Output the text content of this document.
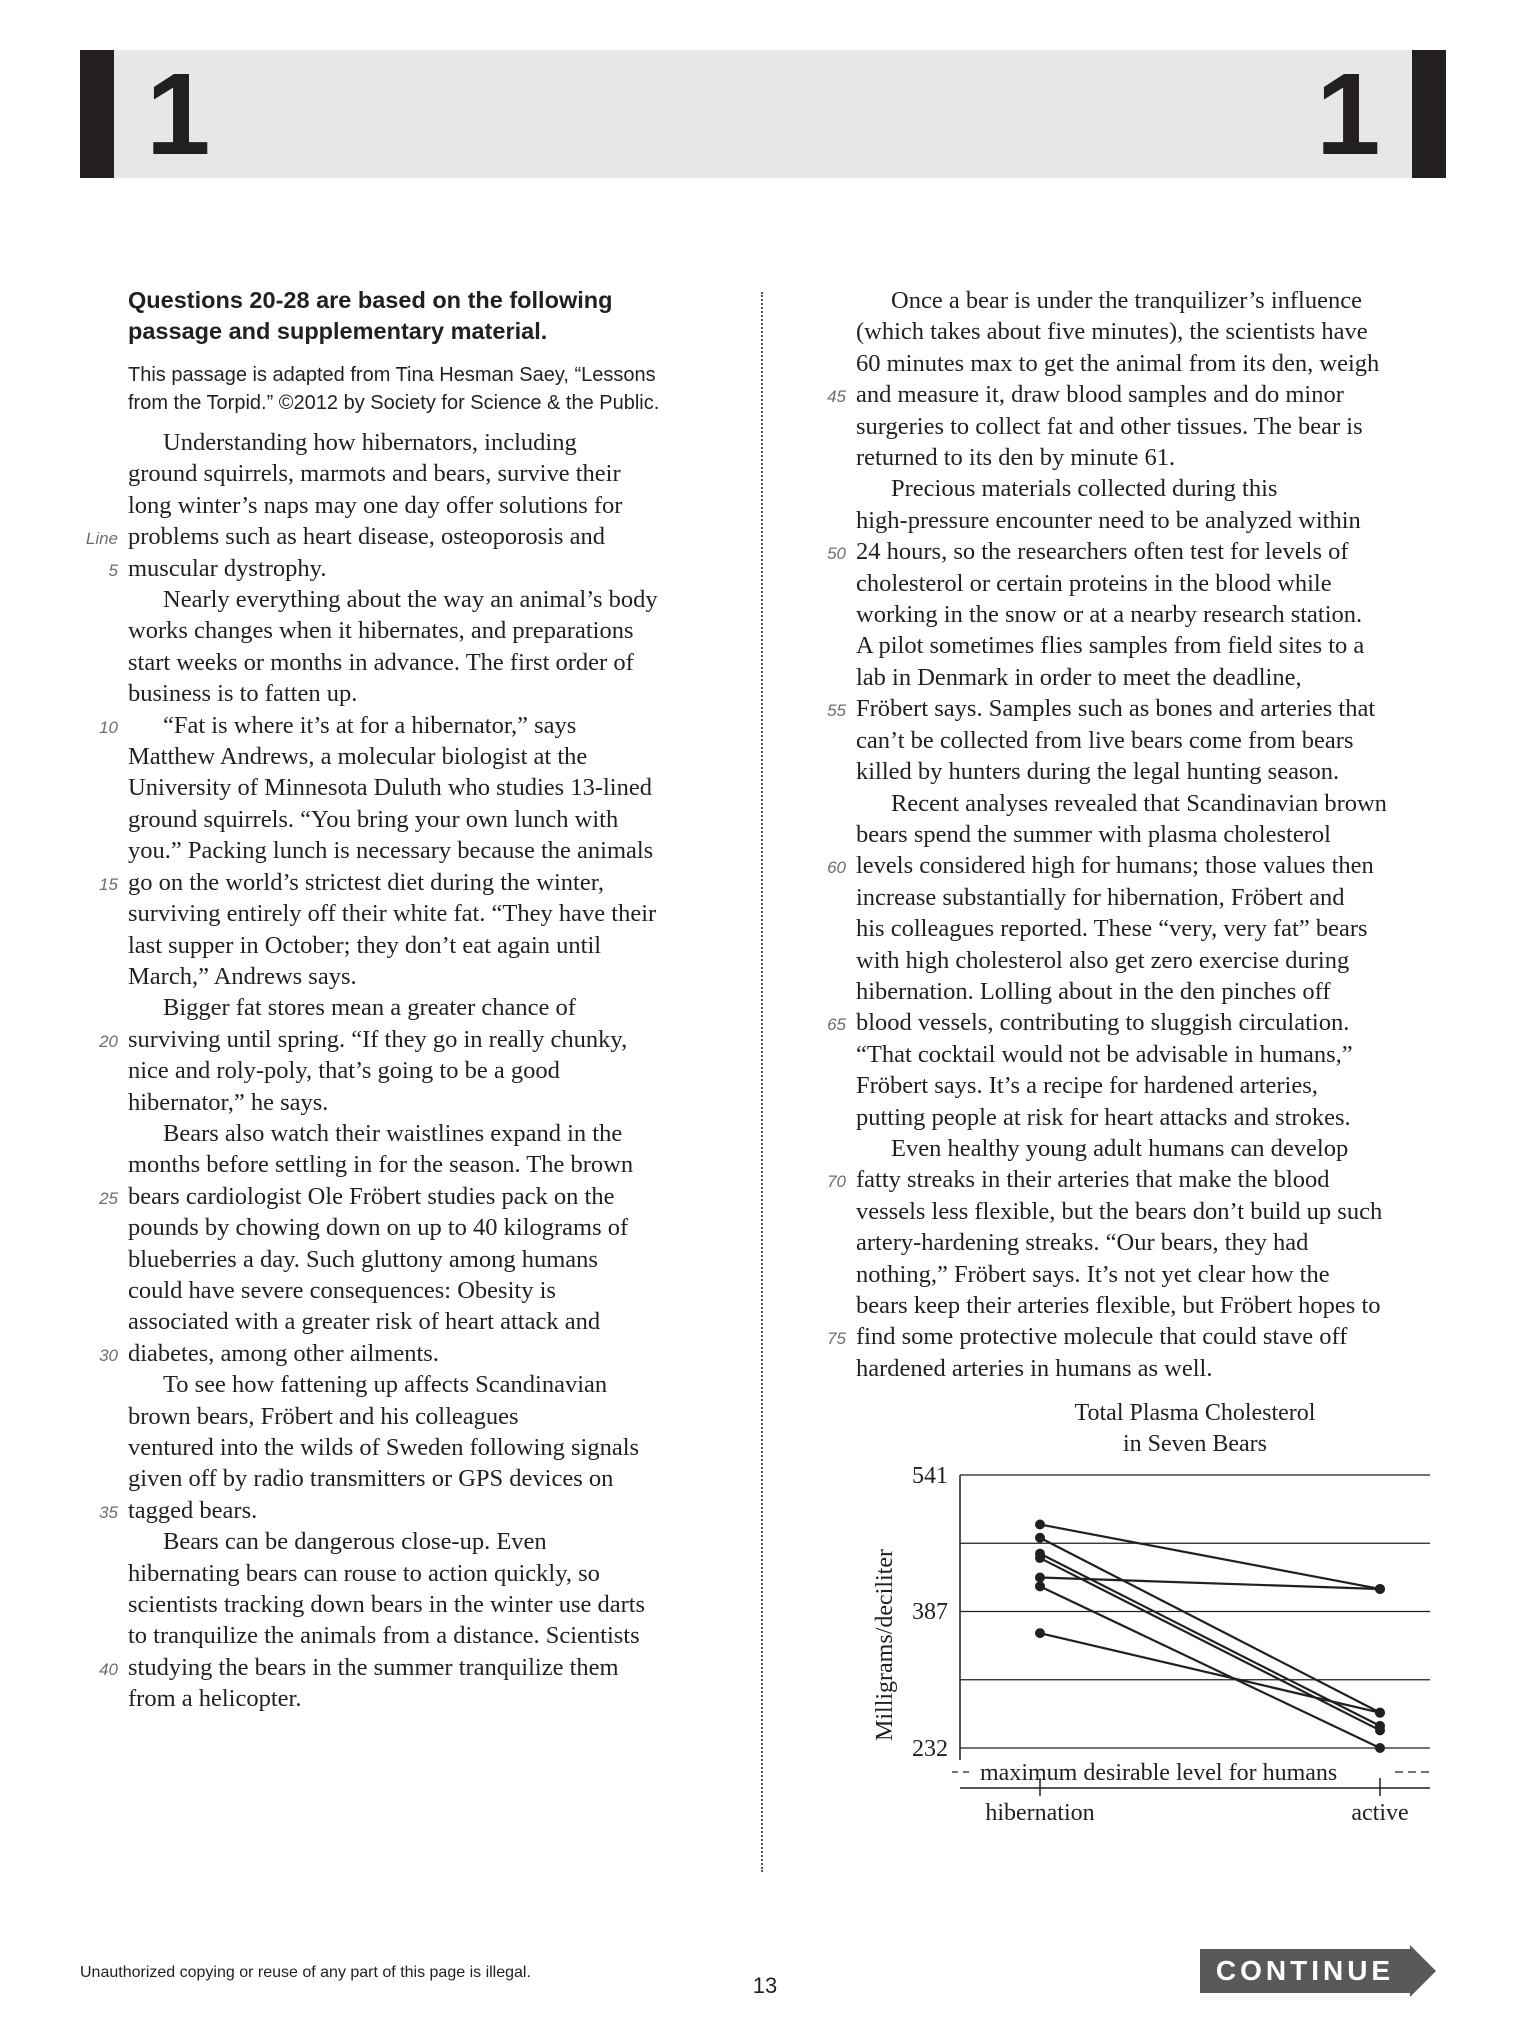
1	1

Questions 20-28 are based on the following
passage and supplementary material.

This passage is adapted from Tina Hesman Saey, “Lessons
from the Torpid.” ©2012 by Society for Science & the Public.

Understanding how hibernators, including
ground squirrels, marmots and bears, survive their
long winter’s naps may one day offer solutions for
Line problems such as heart disease, osteoporosis and
5 muscular dystrophy.
Nearly everything about the way an animal’s body
works changes when it hibernates, and preparations
start weeks or months in advance. The first order of
business is to fatten up.
10 “Fat is where it’s at for a hibernator,” says
Matthew Andrews, a molecular biologist at the
University of Minnesota Duluth who studies 13-lined
ground squirrels. “You bring your own lunch with
you.” Packing lunch is necessary because the animals
15 go on the world’s strictest diet during the winter,
surviving entirely off their white fat. “They have their
last supper in October; they don’t eat again until
March,” Andrews says.
Bigger fat stores mean a greater chance of
20 surviving until spring. “If they go in really chunky,
nice and roly-poly, that’s going to be a good
hibernator,” he says.
Bears also watch their waistlines expand in the
months before settling in for the season. The brown
25 bears cardiologist Ole Fröbert studies pack on the
pounds by chowing down on up to 40 kilograms of
blueberries a day. Such gluttony among humans
could have severe consequences: Obesity is
associated with a greater risk of heart attack and
30 diabetes, among other ailments.
To see how fattening up affects Scandinavian
brown bears, Fröbert and his colleagues
ventured into the wilds of Sweden following signals
given off by radio transmitters or GPS devices on
35 tagged bears.
Bears can be dangerous close-up. Even
hibernating bears can rouse to action quickly, so
scientists tracking down bears in the winter use darts
to tranquilize the animals from a distance. Scientists
40 studying the bears in the summer tranquilize them
from a helicopter.
Once a bear is under the tranquilizer’s influence
(which takes about five minutes), the scientists have
60 minutes max to get the animal from its den, weigh
45 and measure it, draw blood samples and do minor
surgeries to collect fat and other tissues. The bear is
returned to its den by minute 61.
Precious materials collected during this
high-pressure encounter need to be analyzed within
50 24 hours, so the researchers often test for levels of
cholesterol or certain proteins in the blood while
working in the snow or at a nearby research station.
A pilot sometimes flies samples from field sites to a
lab in Denmark in order to meet the deadline,
55 Fröbert says. Samples such as bones and arteries that
can’t be collected from live bears come from bears
killed by hunters during the legal hunting season.
Recent analyses revealed that Scandinavian brown
bears spend the summer with plasma cholesterol
60 levels considered high for humans; those values then
increase substantially for hibernation, Fröbert and
his colleagues reported. These “very, very fat” bears
with high cholesterol also get zero exercise during
hibernation. Lolling about in the den pinches off
65 blood vessels, contributing to sluggish circulation.
“That cocktail would not be advisable in humans,”
Fröbert says. It’s a recipe for hardened arteries,
putting people at risk for heart attacks and strokes.
Even healthy young adult humans can develop
70 fatty streaks in their arteries that make the blood
vessels less flexible, but the bears don’t build up such
artery-hardening streaks. “Our bears, they had
nothing,” Fröbert says. It’s not yet clear how the
bears keep their arteries flexible, but Fröbert hopes to
75 find some protective molecule that could stave off
hardened arteries in humans as well.
Total Plasma Cholesterol
in Seven Bears
Milligrams/deciliter
232
387
541
maximum desirable level for humans
hibernation	active
Unauthorized copying or reuse of any part of this page is illegal.
13	CONTINUE
